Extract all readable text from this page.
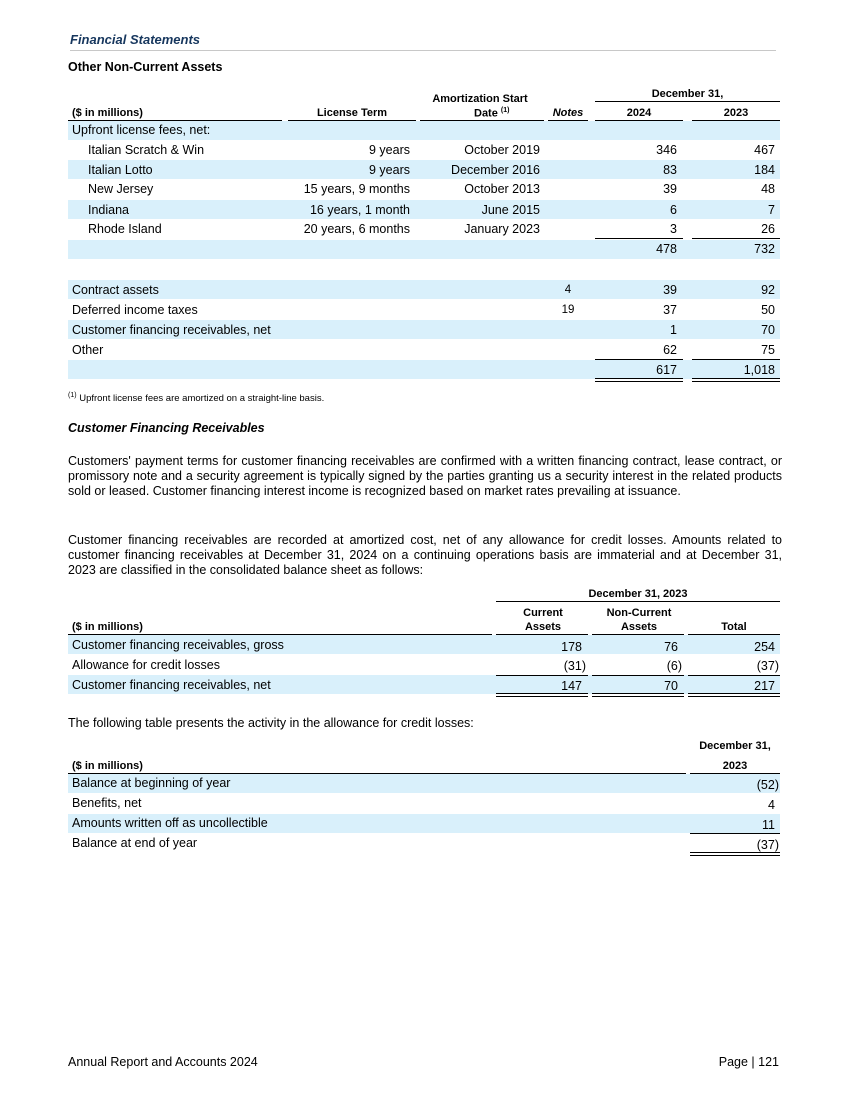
Financial Statements
Other Non-Current Assets
December 31,
Amortization Start
Date $^{(1)}$
($ in millions)	License Term	Notes	2024	2023
Upfront license fees, net:
Italian Scratch & Win	9 years	October 2019	346	467
Italian Lotto	9 years	December 2016	83	184
New Jersey	15 years, 9 months	October 2013	39	48
Indiana	16 years, 1 month	June 2015	6	7
Rhode Island	20 years, 6 months	January 2023	3	26
478	732
Contract assets	4	39	92
Deferred income taxes	19	37	50
Customer financing receivables, net	1	70
Other	62	75
617	1,018
$^{(1)}$ Upfront license fees are amortized on a straight-line basis.
Customer Financing Receivables
Customers' payment terms for customer financing receivables are confirmed with a written financing contract, lease contract, or promissory note and a security agreement is typically signed by the parties granting us a security interest in the related products sold or leased. Customer financing interest income is recognized based on market rates prevailing at issuance.
Customer financing receivables are recorded at amortized cost, net of any allowance for credit losses. Amounts related to customer financing receivables at December 31, 2024 on a continuing operations basis are immaterial and at December 31, 2023 are classified in the consolidated balance sheet as follows:
December 31, 2023
Current
Assets
Non-Current
Assets	Total
($ in millions)
Customer financing receivables, gross	178	76	254
Allowance for credit losses	(31)	(6)	(37)
Customer financing receivables, net	147	70	217
The following table presents the activity in the allowance for credit losses:
December 31,
2023
($ in millions)
Balance at beginning of year	(52)
Benefits, net	4
Amounts written off as uncollectible	11
Balance at end of year	(37)
Annual Report and Accounts 2024	Page | 121
